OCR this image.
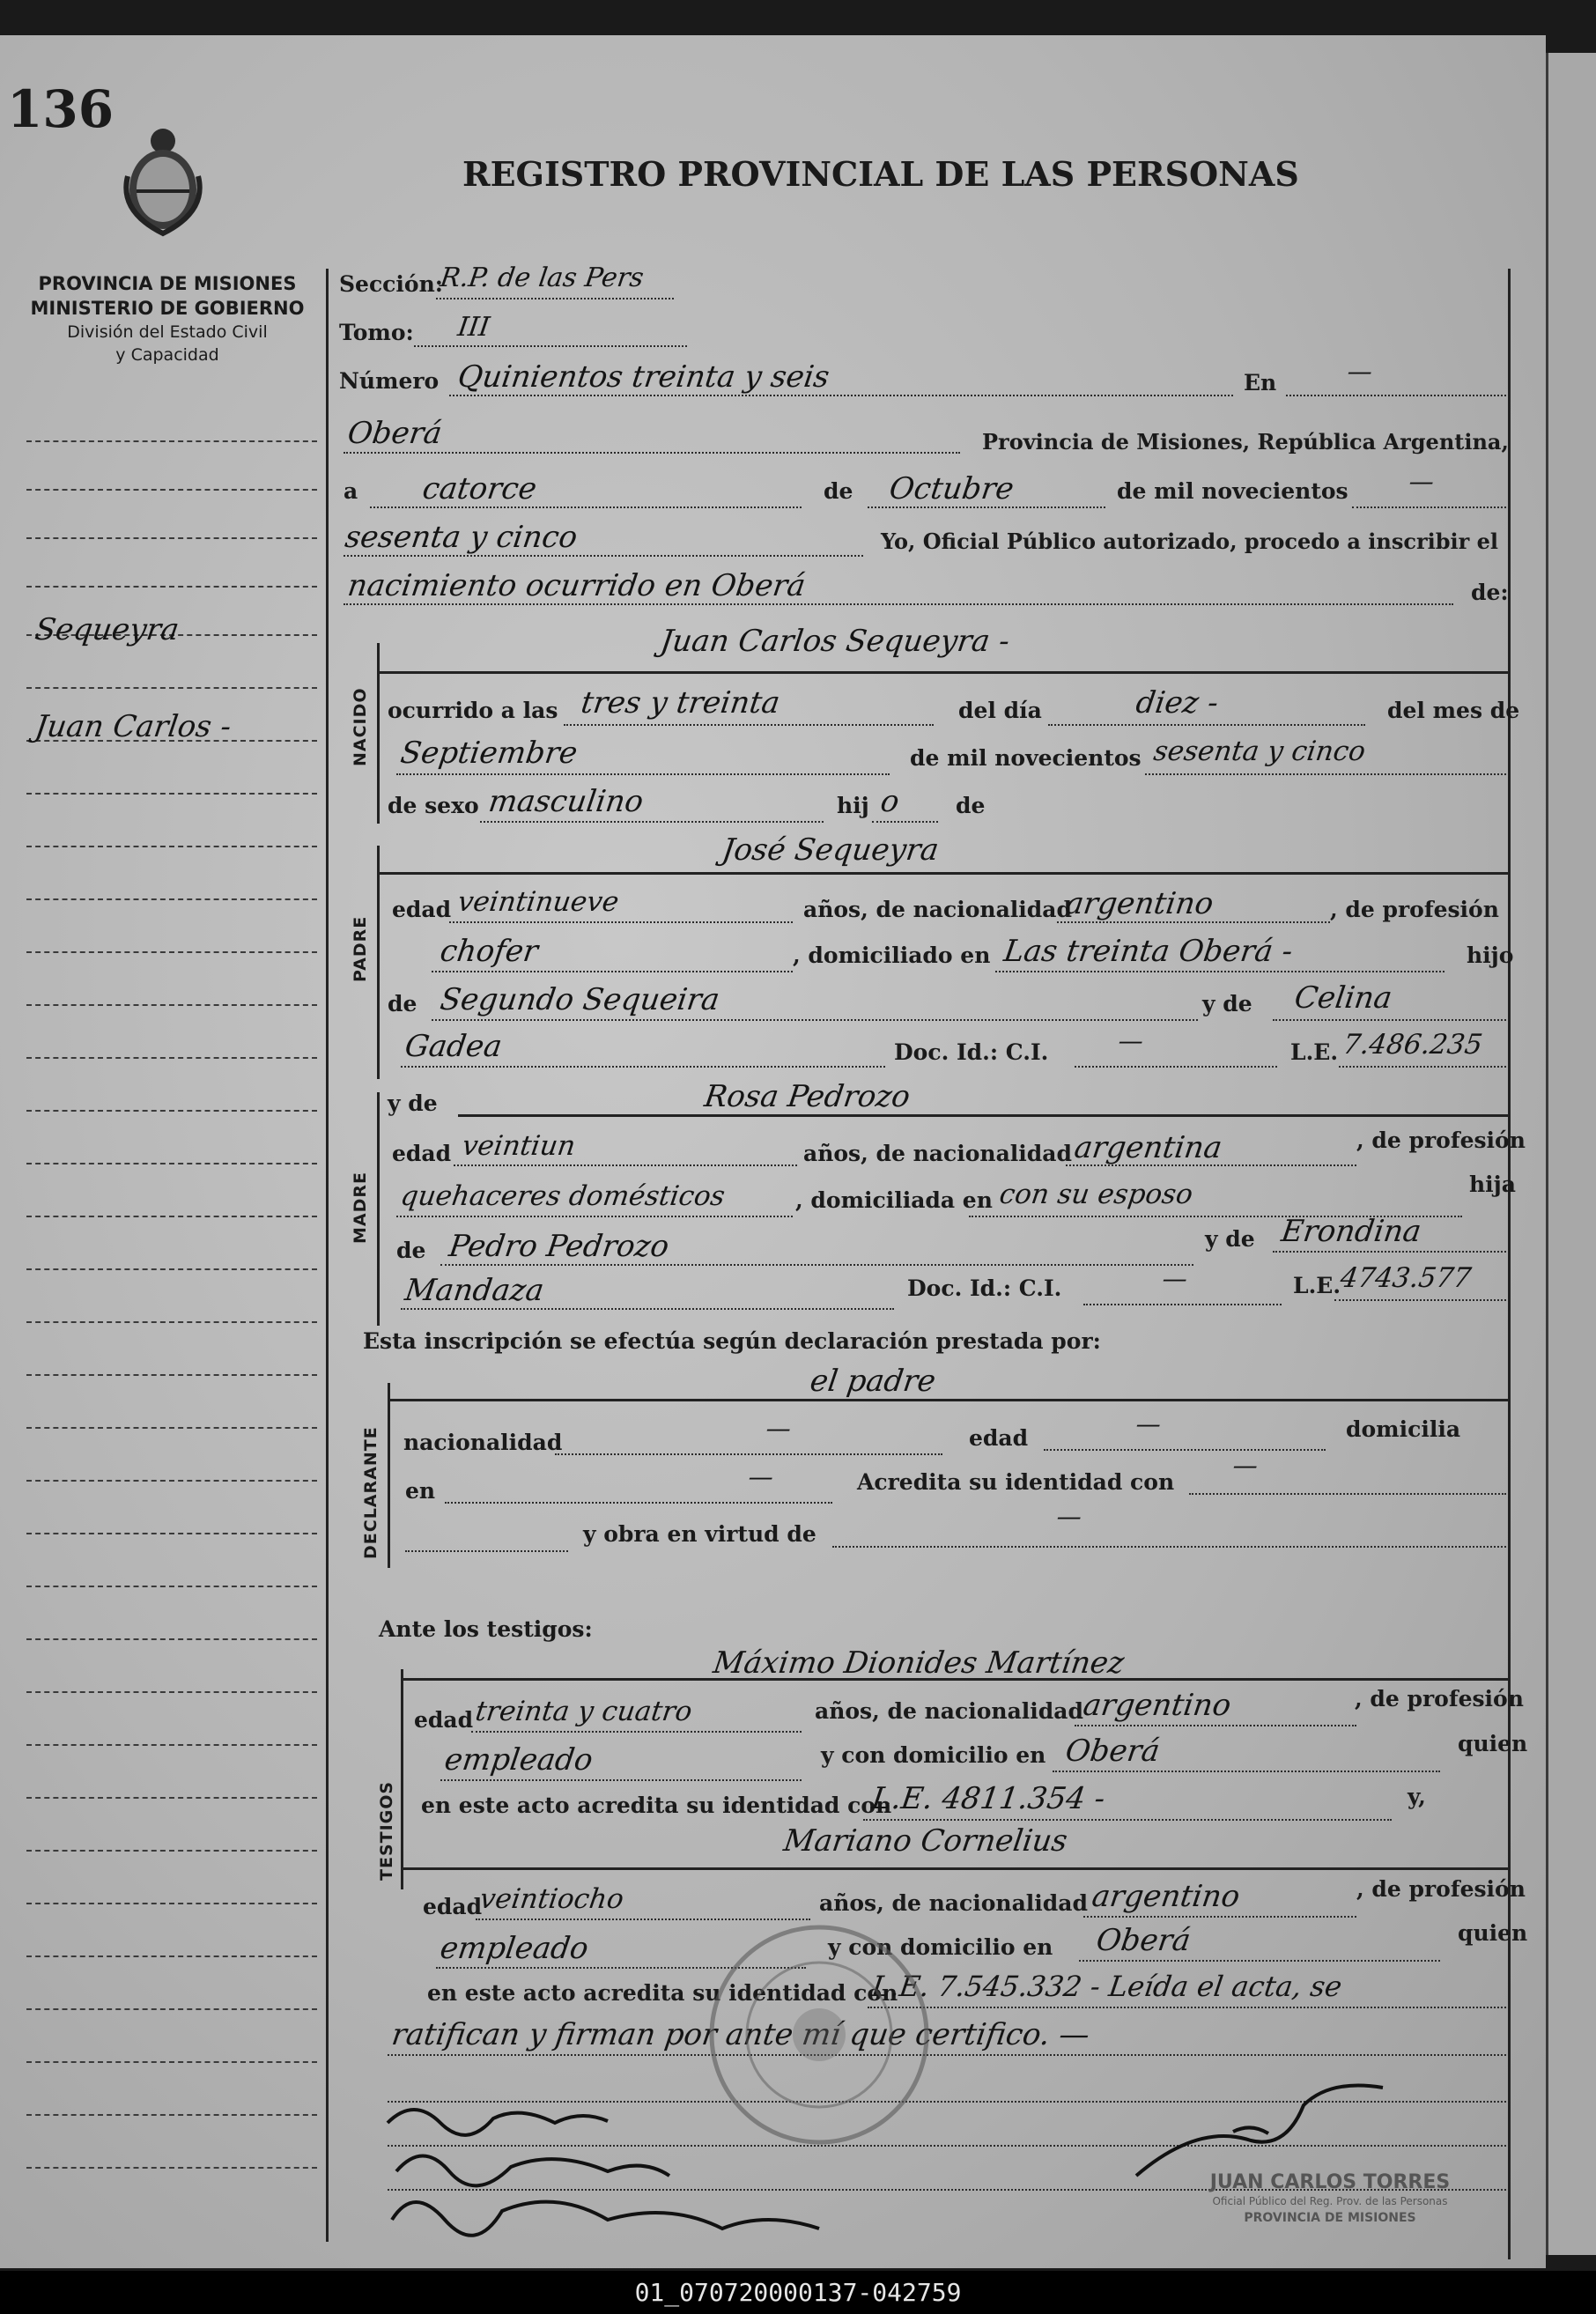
136
REGISTRO PROVINCIAL DE LAS PERSONAS
PROVINCIA DE MISIONES
MINISTERIO DE GOBIERNO
División del Estado Civil
y Capacidad
Sequeyra
Juan Carlos -
Sección:
R.P. de las Pers
Tomo: III
Número Quinientos treinta y seis	En	—
Oberá	Provincia de Misiones, República Argentina,
a catorce	de Octubre	de mil novecientos —
sesenta y cinco	Yo, Oficial Público autorizado, procedo a inscribir el
nacimiento ocurrido en Oberá	de:
NACIDO
Juan Carlos Sequeyra -
ocurrido a las tres y treinta	del día	diez -	del mes de
Septiembre	de mil novecientos sesenta y cinco
de sexo masculino	hij o de
PADRE
José Sequeyra
edad veintinueve	años, de nacionalidad
argentino	, de profesión
chofer	, domiciliado en Las treinta Oberá -	hijo
de Segundo Sequeira	y de Celina
Gadea	Doc. Id.: C.I.	—	L.E. 7.486.235
MADRE
y de	Rosa Pedrozo
edad veintiun	años, de nacionalidad argentina	, de profesión
quehaceres domésticos	, domiciliada en con su esposo	hija
de Pedro Pedrozo	y de Erondina
Mandaza	Doc. Id.: C.I.	—	L.E.
4743.577
Esta inscripción se efectúa según declaración prestada por:
DECLARANTE
el padre
nacionalidad	—	edad	—	domicilia
en	—	Acredita su identidad con
—
y obra en virtud de
—
Ante los testigos:
TESTIGOS
Máximo Dionides Martínez
edad treinta y cuatro	años, de nacionalidad
argentino	, de profesión
empleado	y con domicilio en Oberá	quien
en este acto acredita su identidad con
L.E. 4811.354 -	y,
Mariano Cornelius
edad
veintiocho	años, de nacionalidad argentino	, de profesión
empleado	y con domicilio en Oberá	quien
en este acto acredita su identidad con
L.E. 7.545.332 - Leída el acta, se
ratifican y firman por ante mí que certifico. —
JUAN CARLOS TORRES
Oficial Público del Reg. Prov. de las Personas
PROVINCIA DE MISIONES
01_070720000137-042759
